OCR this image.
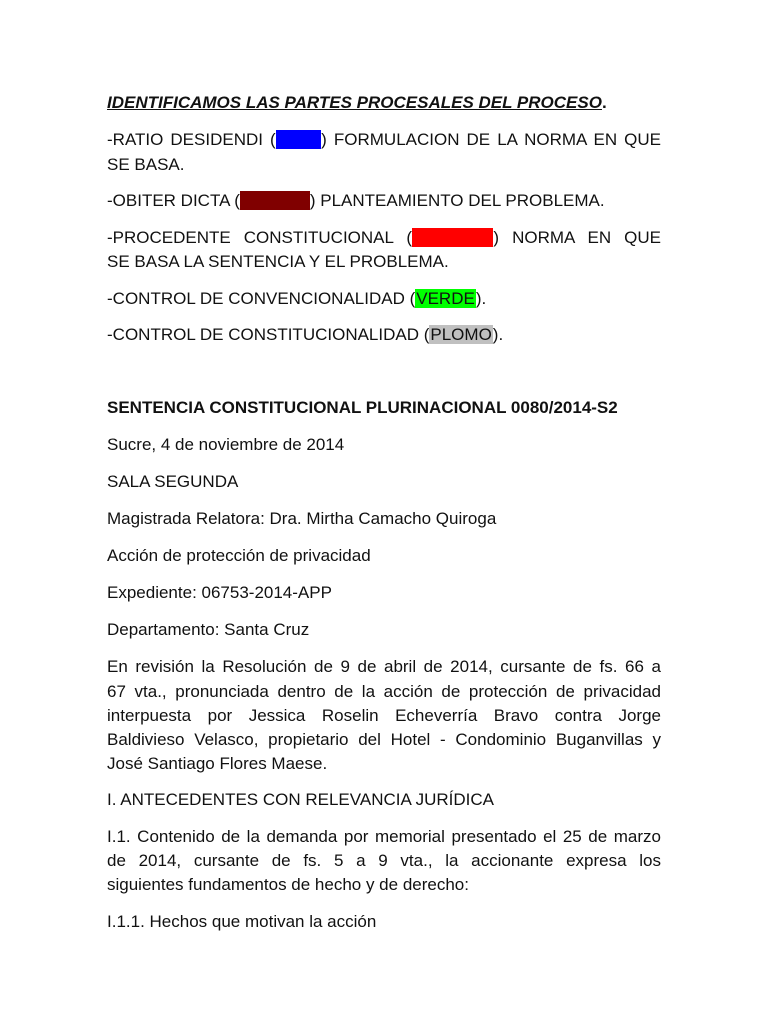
IDENTIFICAMOS LAS PARTES PROCESALES DEL PROCESO.
-RATIO DESIDENDI (AZUL) FORMULACION DE LA NORMA EN QUE
SE BASA.
-OBITER DICTA (GUINDO) PLANTEAMIENTO DEL PROBLEMA.
-PROCEDENTE CONSTITUCIONAL (NARANJA) NORMA EN QUE
SE BASA LA SENTENCIA Y EL PROBLEMA.
-CONTROL DE CONVENCIONALIDAD (VERDE).
-CONTROL DE CONSTITUCIONALIDAD (PLOMO).
SENTENCIA CONSTITUCIONAL PLURINACIONAL 0080/2014-S2
Sucre, 4 de noviembre de 2014
SALA SEGUNDA
Magistrada Relatora: Dra. Mirtha Camacho Quiroga
Acción de protección de privacidad
Expediente: 06753-2014-APP
Departamento: Santa Cruz
En revisión la Resolución de 9 de abril de 2014, cursante de fs. 66 a
67 vta., pronunciada dentro de la acción de protección de privacidad
interpuesta por Jessica Roselin Echeverría Bravo contra Jorge
Baldivieso Velasco, propietario del Hotel - Condominio Buganvillas y
José Santiago Flores Maese.
I. ANTECEDENTES CON RELEVANCIA JURÍDICA
I.1. Contenido de la demanda por memorial presentado el 25 de marzo
de 2014, cursante de fs. 5 a 9 vta., la accionante expresa los
siguientes fundamentos de hecho y de derecho:
I.1.1. Hechos que motivan la acción
